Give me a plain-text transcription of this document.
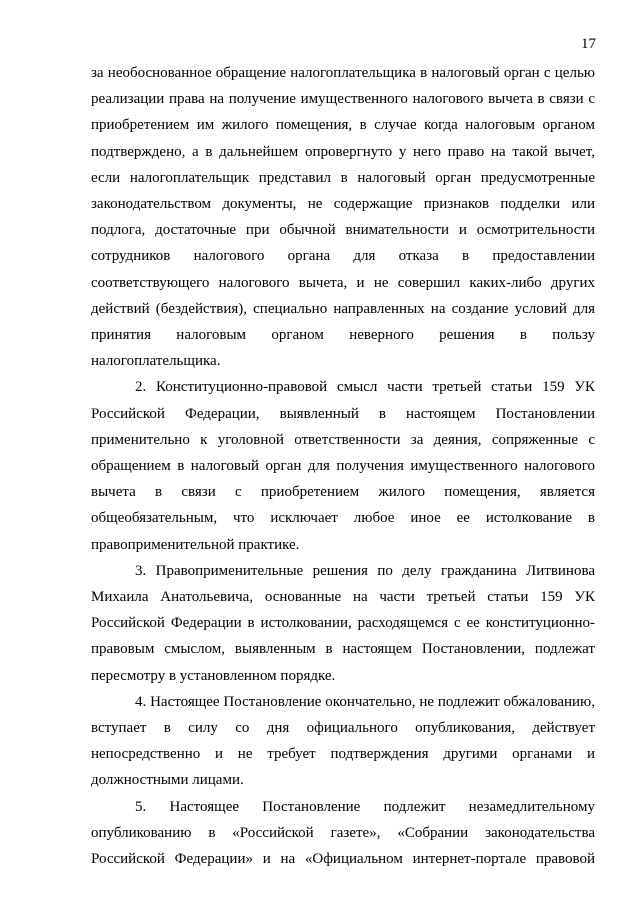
17

за необоснованное обращение налогоплательщика в налоговый орган с целью реализации права на получение имущественного налогового вычета в связи с приобретением им жилого помещения, в случае когда налоговым органом подтверждено, а в дальнейшем опровергнуто у него право на такой вычет, если налогоплательщик представил в налоговый орган предусмотренные законодательством документы, не содержащие признаков подделки или подлога, достаточные при обычной внимательности и осмотрительности сотрудников налогового органа для отказа в предоставлении соответствующего налогового вычета, и не совершил каких-либо других действий (бездействия), специально направленных на создание условий для принятия налоговым органом неверного решения в пользу налогоплательщика.

2. Конституционно-правовой смысл части третьей статьи 159 УК Российской Федерации, выявленный в настоящем Постановлении применительно к уголовной ответственности за деяния, сопряженные с обращением в налоговый орган для получения имущественного налогового вычета в связи с приобретением жилого помещения, является общеобязательным, что исключает любое иное ее истолкование в правоприменительной практике.

3. Правоприменительные решения по делу гражданина Литвинова Михаила Анатольевича, основанные на части третьей статьи 159 УК Российской Федерации в истолковании, расходящемся с ее конституционно-правовым смыслом, выявленным в настоящем Постановлении, подлежат пересмотру в установленном порядке.

4. Настоящее Постановление окончательно, не подлежит обжалованию, вступает в силу со дня официального опубликования, действует непосредственно и не требует подтверждения другими органами и должностными лицами.

5. Настоящее Постановление подлежит незамедлительному опубликованию в «Российской газете», «Собрании законодательства Российской Федерации» и на «Официальном интернет-портале правовой
